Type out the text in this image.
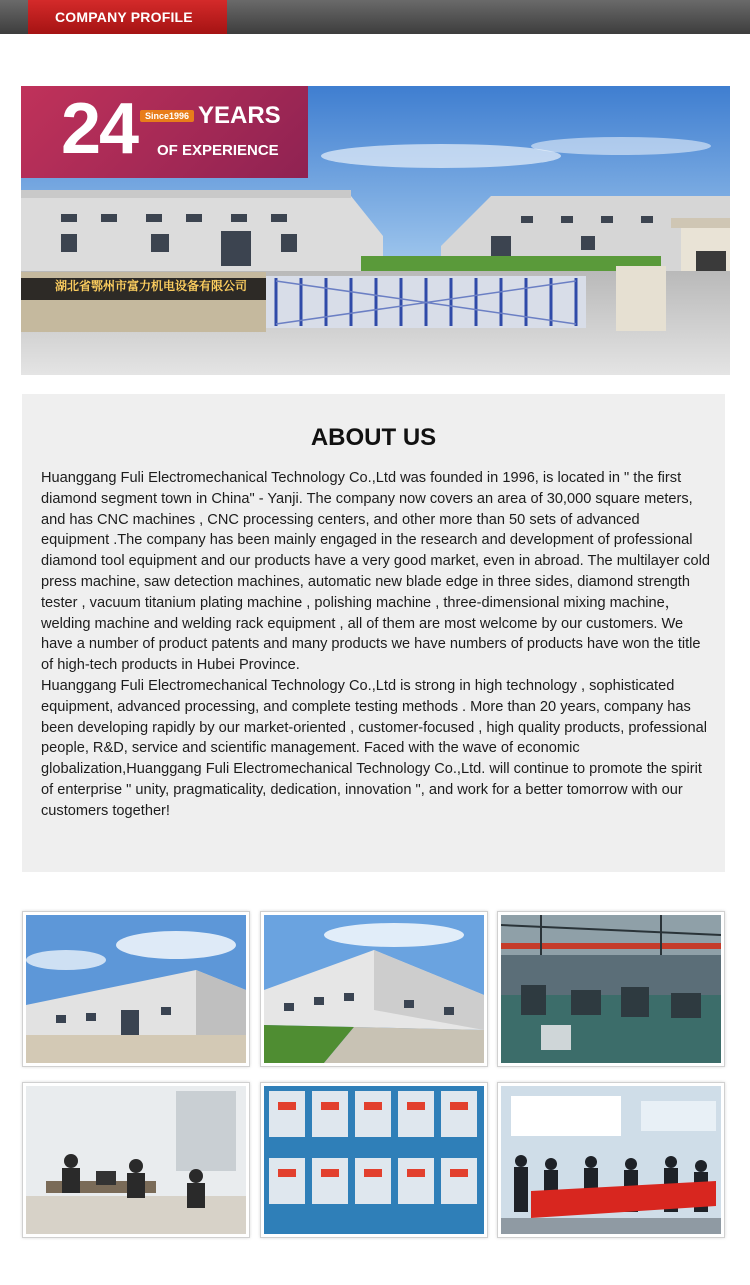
COMPANY PROFILE
湖北省鄂州市富力机电设备有限公司
24 Since1996 YEARS
OF EXPERIENCE
ABOUT US

Huanggang Fuli Electromechanical Technology Co.,Ltd was founded in 1996, is located in " the first diamond segment town in China" - Yanji. The company now covers an area of 30,000 square meters, and has CNC machines , CNC processing centers, and other more than 50 sets of advanced equipment .The company has been mainly engaged in the research and development of professional diamond tool equipment and our products have a very good market, even in abroad. The multilayer cold press machine, saw detection machines, automatic new blade edge in three sides, diamond strength tester , vacuum titanium plating machine , polishing machine , three-dimensional mixing machine， welding machine and welding rack equipment , all of them are most welcome by our customers. We have a number of product patents and many products we have numbers of products have won the title of high-tech products in Hubei Province.

Huanggang Fuli Electromechanical Technology Co.,Ltd is strong in high technology , sophisticated equipment, advanced processing, and complete testing methods . More than 20 years, company has been developing rapidly by our market-oriented , customer-focused , high quality products, professional people, R&D, service and scientific management. Faced with the wave of economic globalization,Huanggang Fuli Electromechanical Technology Co.,Ltd. will continue to promote the spirit of enterprise " unity, pragmaticality, dedication, innovation ", and work for a better tomorrow with our customers together!
